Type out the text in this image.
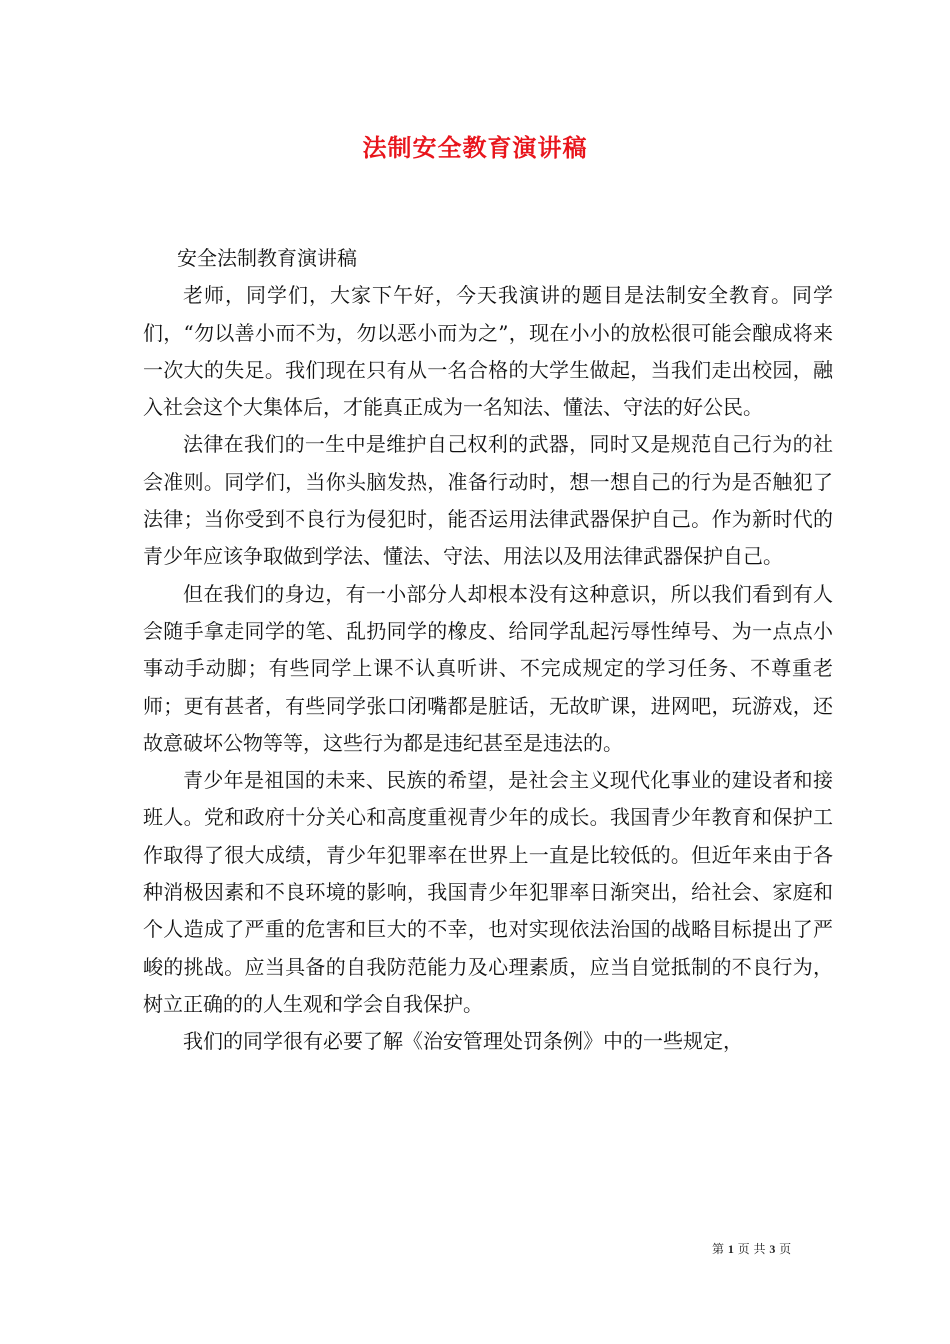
法制安全教育演讲稿

安全法制教育演讲稿

老师，同学们，大家下午好，今天我演讲的题目是法制安全教育。同学们，“勿以善小而不为，勿以恶小而为之”，现在小小的放松很可能会酿成将来一次大的失足。我们现在只有从一名合格的大学生做起，当我们走出校园，融入社会这个大集体后，才能真正成为一名知法、懂法、守法的好公民。

法律在我们的一生中是维护自己权利的武器，同时又是规范自己行为的社会准则。同学们，当你头脑发热，准备行动时，想一想自己的行为是否触犯了法律；当你受到不良行为侵犯时，能否运用法律武器保护自己。作为新时代的青少年应该争取做到学法、懂法、守法、用法以及用法律武器保护自己。

但在我们的身边，有一小部分人却根本没有这种意识，所以我们看到有人会随手拿走同学的笔、乱扔同学的橡皮、给同学乱起污辱性绰号、为一点点小事动手动脚；有些同学上课不认真听讲、不完成规定的学习任务、不尊重老师；更有甚者，有些同学张口闭嘴都是脏话，无故旷课，进网吧，玩游戏，还故意破坏公物等等，这些行为都是违纪甚至是违法的。

青少年是祖国的未来、民族的希望，是社会主义现代化事业的建设者和接班人。党和政府十分关心和高度重视青少年的成长。我国青少年教育和保护工作取得了很大成绩，青少年犯罪率在世界上一直是比较低的。但近年来由于各种消极因素和不良环境的影响，我国青少年犯罪率日渐突出，给社会、家庭和个人造成了严重的危害和巨大的不幸，也对实现依法治国的战略目标提出了严峻的挑战。应当具备的自我防范能力及心理素质，应当自觉抵制的不良行为，树立正确的的人生观和学会自我保护。

我们的同学很有必要了解《治安管理处罚条例》中的一些规定，

第 1 页 共 3 页
